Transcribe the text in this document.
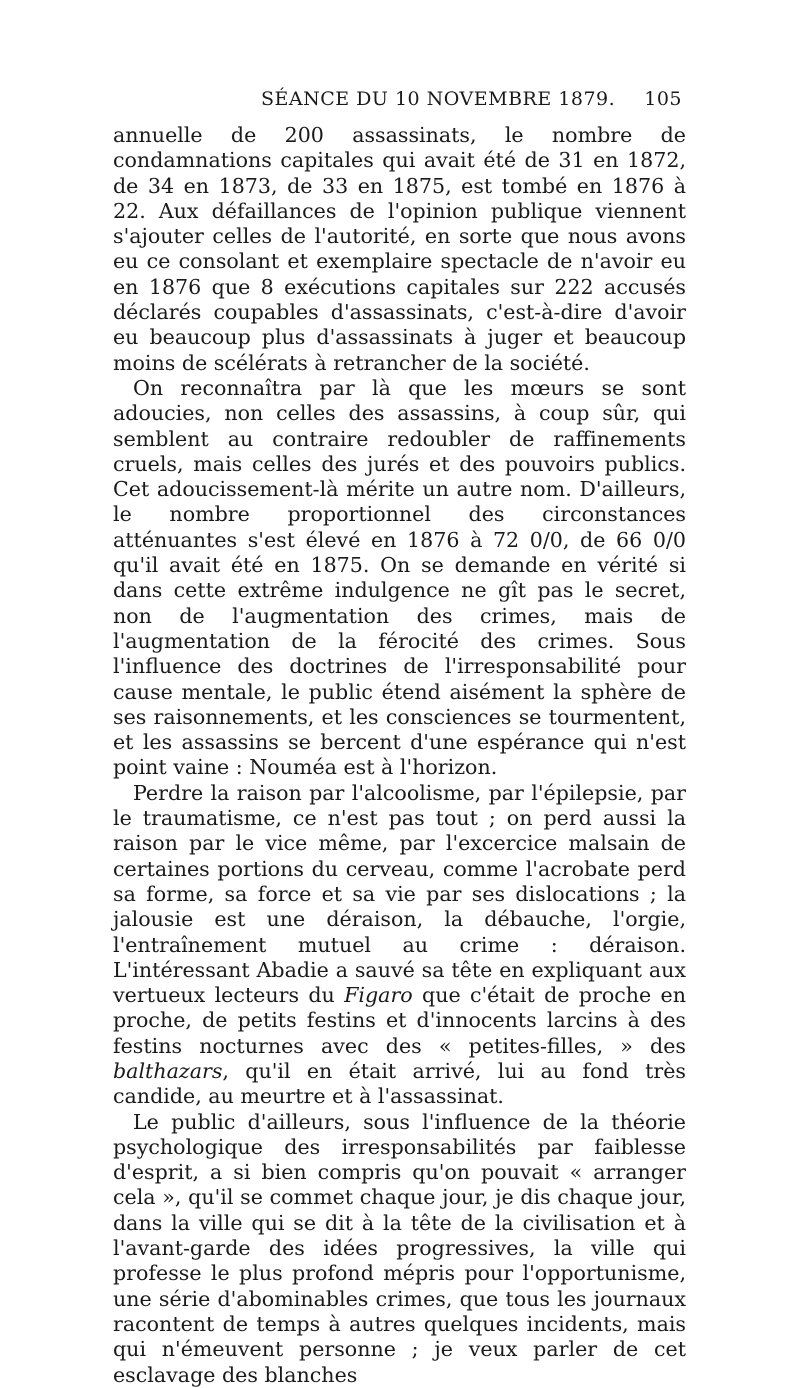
SÉANCE DU 10 NOVEMBRE 1879. 105

annuelle de 200 assassinats, le nombre de condamnations capitales qui avait été de 31 en 1872, de 34 en 1873, de 33 en 1875, est tombé en 1876 à 22. Aux défaillances de l'opinion publique viennent s'ajouter celles de l'autorité, en sorte que nous avons eu ce consolant et exemplaire spectacle de n'avoir eu en 1876 que 8 exécutions capitales sur 222 accusés déclarés coupables d'assassinats, c'est-à-dire d'avoir eu beaucoup plus d'assassinats à juger et beaucoup moins de scélérats à retrancher de la société.

On reconnaîtra par là que les mœurs se sont adoucies, non celles des assassins, à coup sûr, qui semblent au contraire redoubler de raffinements cruels, mais celles des jurés et des pouvoirs publics. Cet adoucissement-là mérite un autre nom. D'ailleurs, le nombre proportionnel des circonstances atténuantes s'est élevé en 1876 à 72 0/0, de 66 0/0 qu'il avait été en 1875. On se demande en vérité si dans cette extrême indulgence ne gît pas le secret, non de l'augmentation des crimes, mais de l'augmentation de la férocité des crimes. Sous l'influence des doctrines de l'irresponsabilité pour cause mentale, le public étend aisément la sphère de ses raisonnements, et les consciences se tourmentent, et les assassins se bercent d'une espérance qui n'est point vaine : Nouméa est à l'horizon.

Perdre la raison par l'alcoolisme, par l'épilepsie, par le traumatisme, ce n'est pas tout ; on perd aussi la raison par le vice même, par l'excercice malsain de certaines portions du cerveau, comme l'acrobate perd sa forme, sa force et sa vie par ses dislocations ; la jalousie est une déraison, la débauche, l'orgie, l'entraînement mutuel au crime : déraison. L'intéressant Abadie a sauvé sa tête en expliquant aux vertueux lecteurs du Figaro que c'était de proche en proche, de petits festins et d'innocents larcins à des festins nocturnes avec des « petites-filles, » des balthazars, qu'il en était arrivé, lui au fond très candide, au meurtre et à l'assassinat.

Le public d'ailleurs, sous l'influence de la théorie psychologique des irresponsabilités par faiblesse d'esprit, a si bien compris qu'on pouvait « arranger cela », qu'il se commet chaque jour, je dis chaque jour, dans la ville qui se dit à la tête de la civilisation et à l'avant-garde des idées progressives, la ville qui professe le plus profond mépris pour l'opportunisme, une série d'abominables crimes, que tous les journaux racontent de temps à autres quelques incidents, mais qui n'émeuvent personne ; je veux parler de cet esclavage des blanches
